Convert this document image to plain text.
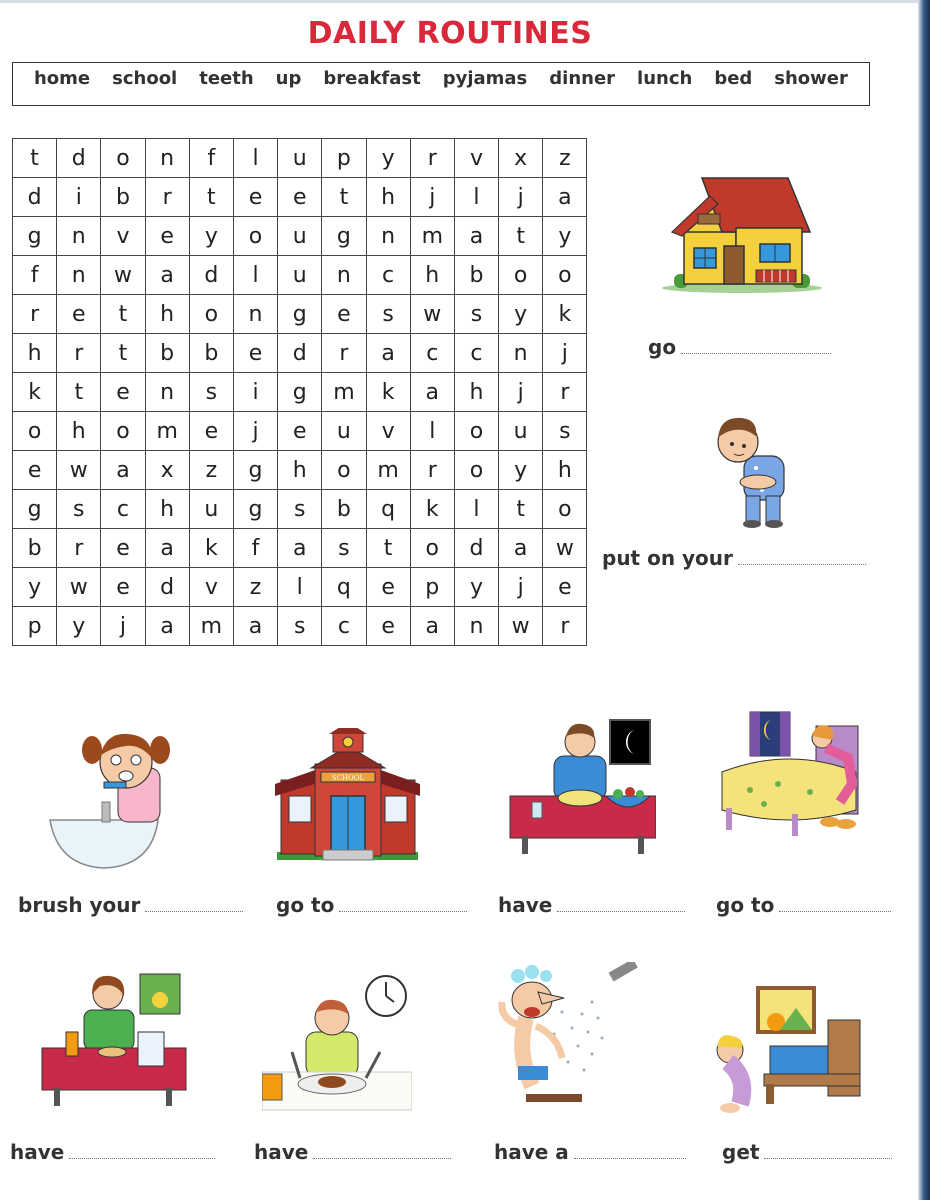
DAILY ROUTINES
home school teeth up breakfast pyjamas dinner lunch bed shower
t	d	o	n	f	l	u	p	y	r	v	x	z
d	i	b	r	t	e	e	t	h	j	l	j	a
g	n	v	e	y	o	u	g	n	m	a	t	y
f	n	w	a	d	l	u	n	c	h	b	o	o
r	e	t	h	o	n	g	e	s	w	s	y	k
h	r	t	b	b	e	d	r	a	c	c	n	j
k	t	e	n	s	i	g	m	k	a	h	j	r
o	h	o	m	e	j	e	u	v	l	o	u	s
e	w	a	x	z	g	h	o	m	r	o	y	h
g	s	c	h	u	g	s	b	q	k	l	t	o
b	r	e	a	k	f	a	s	t	o	d	a	w
y	w	e	d	v	z	l	q	e	p	y	j	e
p	y	j	a	m	a	s	c	e	a	n	w	r
go
put on your
SCHOOL
brush your	go to	have	go to
have	have	have a	get
